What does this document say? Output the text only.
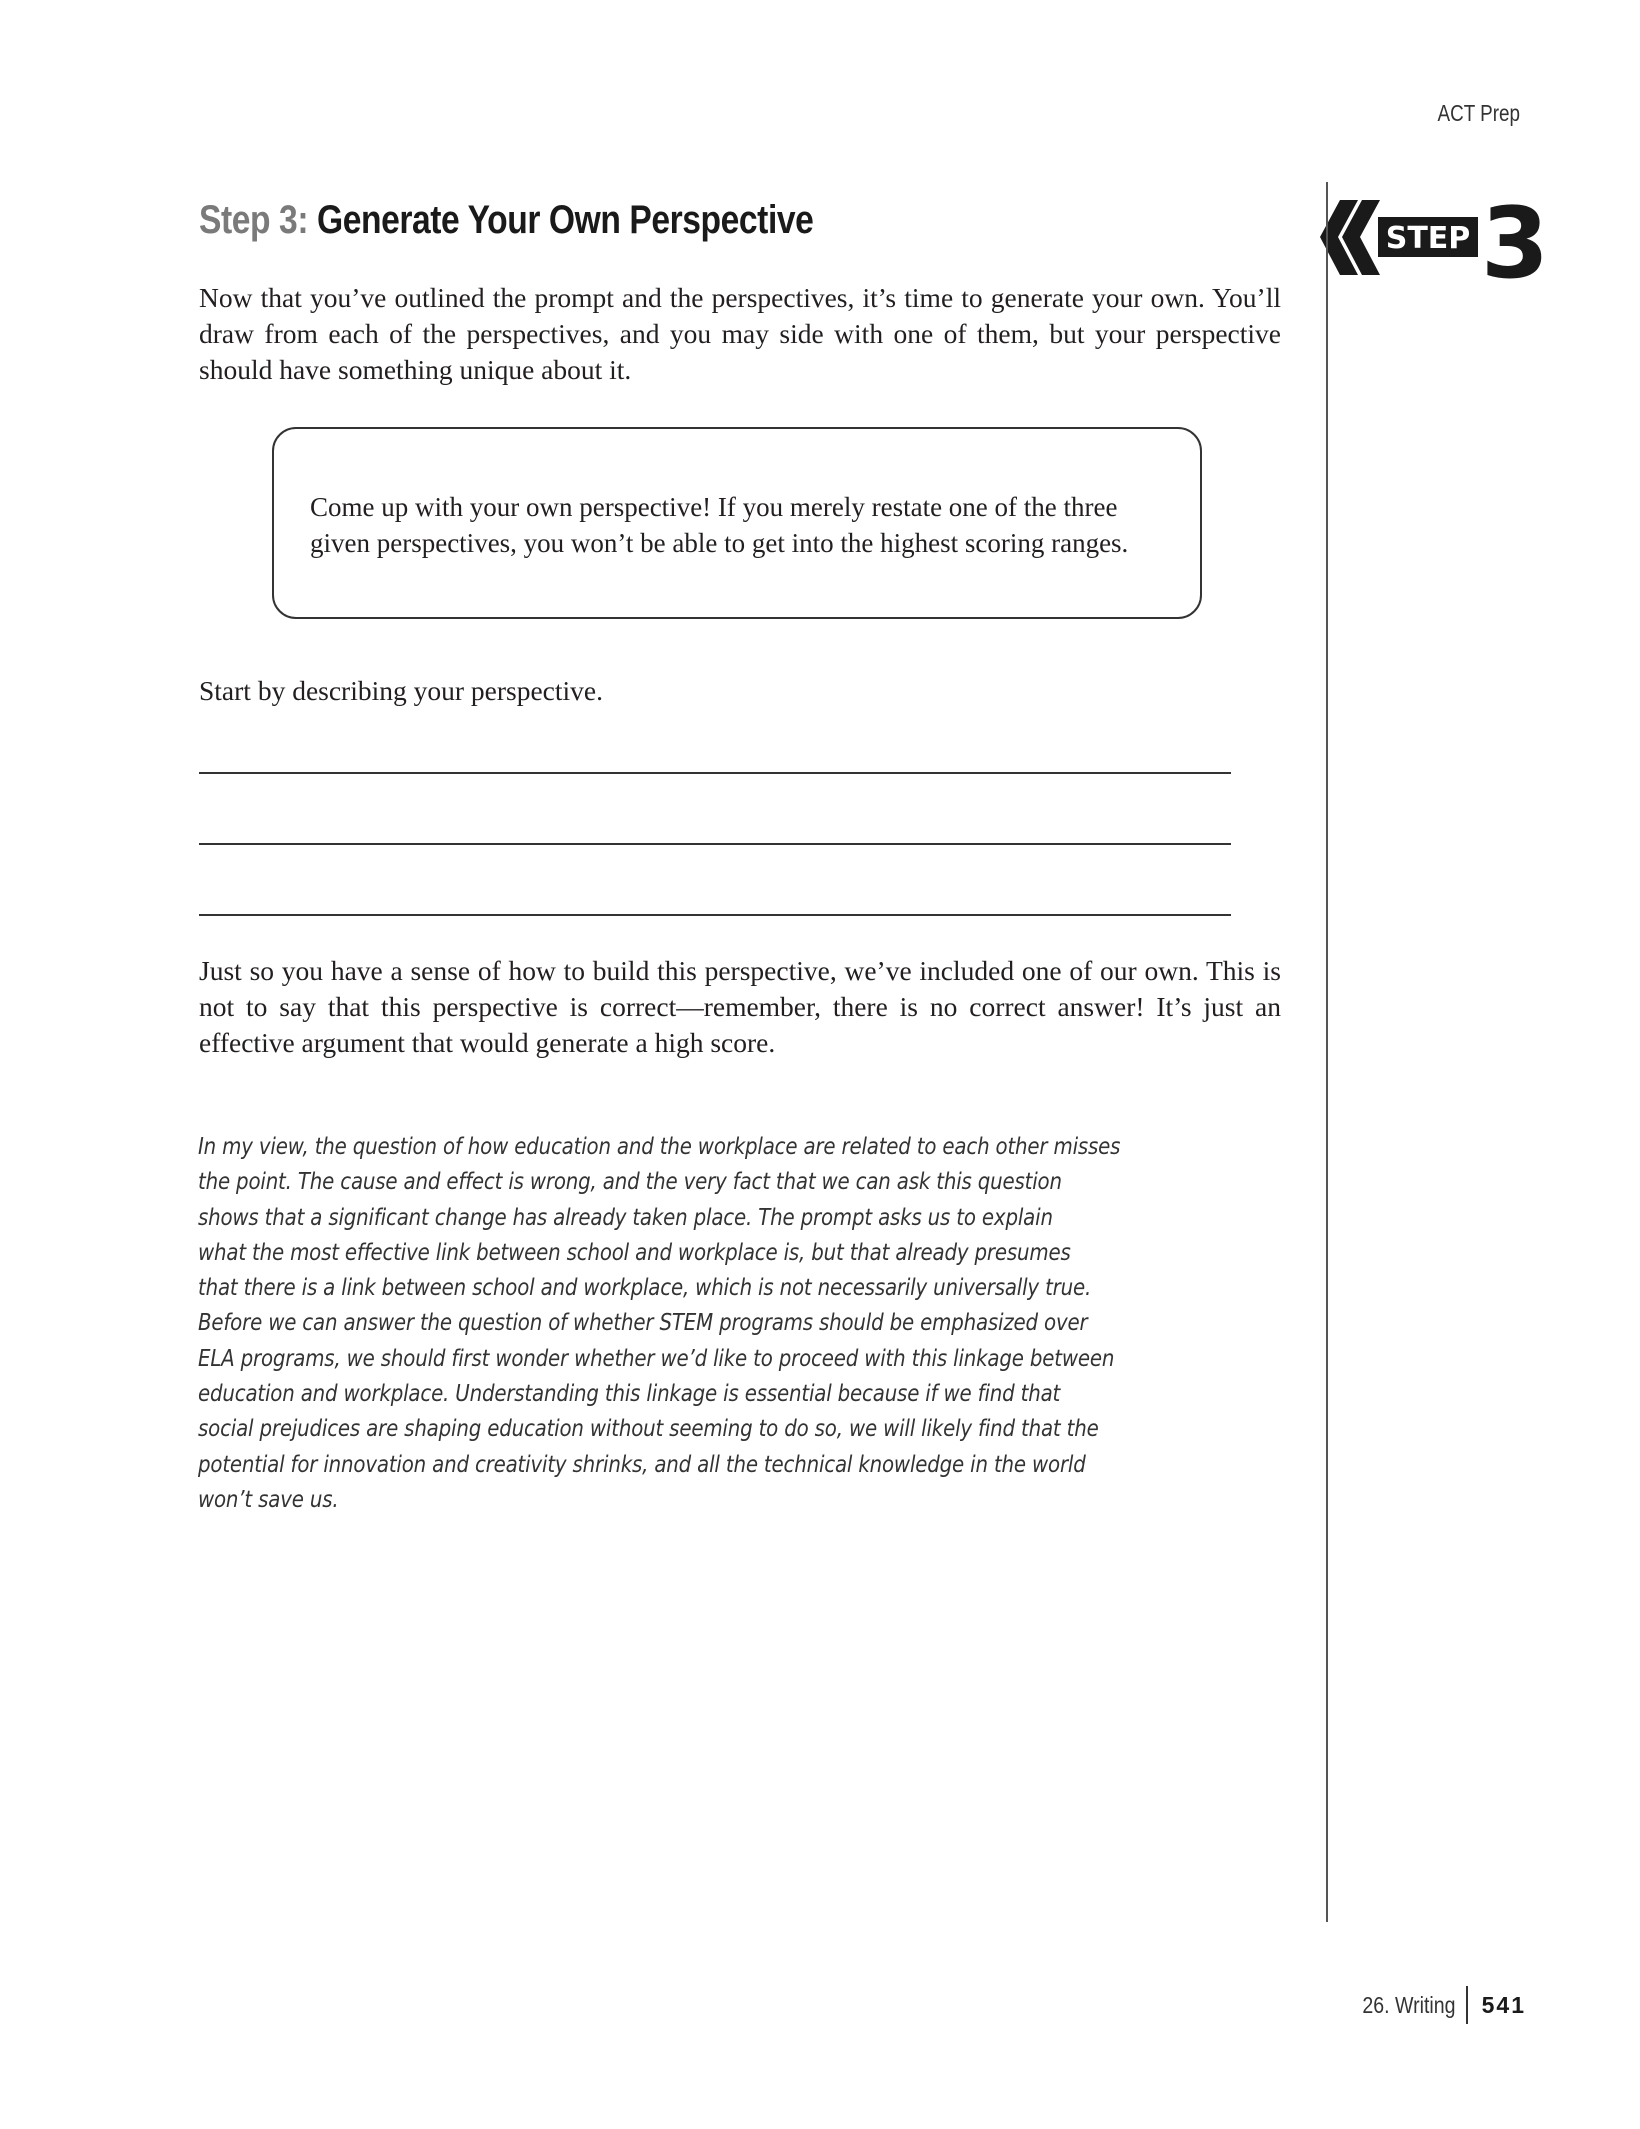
ACT Prep
STEP 3
Step 3: Generate Your Own Perspective

Now that you’ve outlined the prompt and the perspectives, it’s time to generate your own. You’ll draw from each of the perspectives, and you may side with one of them, but your perspective should have something unique about it.

Come up with your own perspective! If you merely restate one of the three
given perspectives, you won’t be able to get into the highest scoring ranges.

Start by describing your perspective.

Just so you have a sense of how to build this perspective, we’ve included one of our own. This is not to say that this perspective is correct—remember, there is no correct answer! It’s just an effective argument that would generate a high score.

In my view, the question of how education and the workplace are related to each other misses
the point. The cause and effect is wrong, and the very fact that we can ask this question
shows that a significant change has already taken place. The prompt asks us to explain
what the most effective link between school and workplace is, but that already presumes
that there is a link between school and workplace, which is not necessarily universally true.
Before we can answer the question of whether STEM programs should be emphasized over
ELA programs, we should first wonder whether we’d like to proceed with this linkage between
education and workplace. Understanding this linkage is essential because if we find that
social prejudices are shaping education without seeming to do so, we will likely find that the
potential for innovation and creativity shrinks, and all the technical knowledge in the world
won’t save us.
26. Writing 541
